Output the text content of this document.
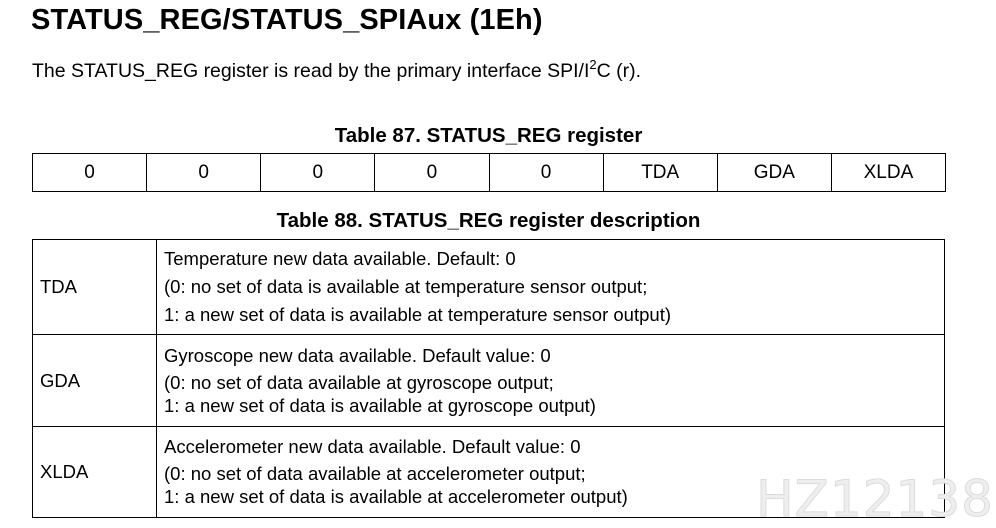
STATUS_REG/STATUS_SPIAux (1Eh)
The STATUS_REG register is read by the primary interface SPI/$I^2C$ (r).
Table 87. STATUS_REG register
0	0	0	0	0	TDA	GDA	XLDA
Table 88. STATUS_REG register description
TDA	Temperature new data available. Default: 0
(0: no set of data is available at temperature sensor output;
1: a new set of data is available at temperature sensor output)

GDA	Gyroscope new data available. Default value: 0
(0: no set of data available at gyroscope output;
1: a new set of data is available at gyroscope output)

XLDA	Accelerometer new data available. Default value: 0
(0: no set of data available at accelerometer output;
1: a new set of data is available at accelerometer output)	HZ12138
